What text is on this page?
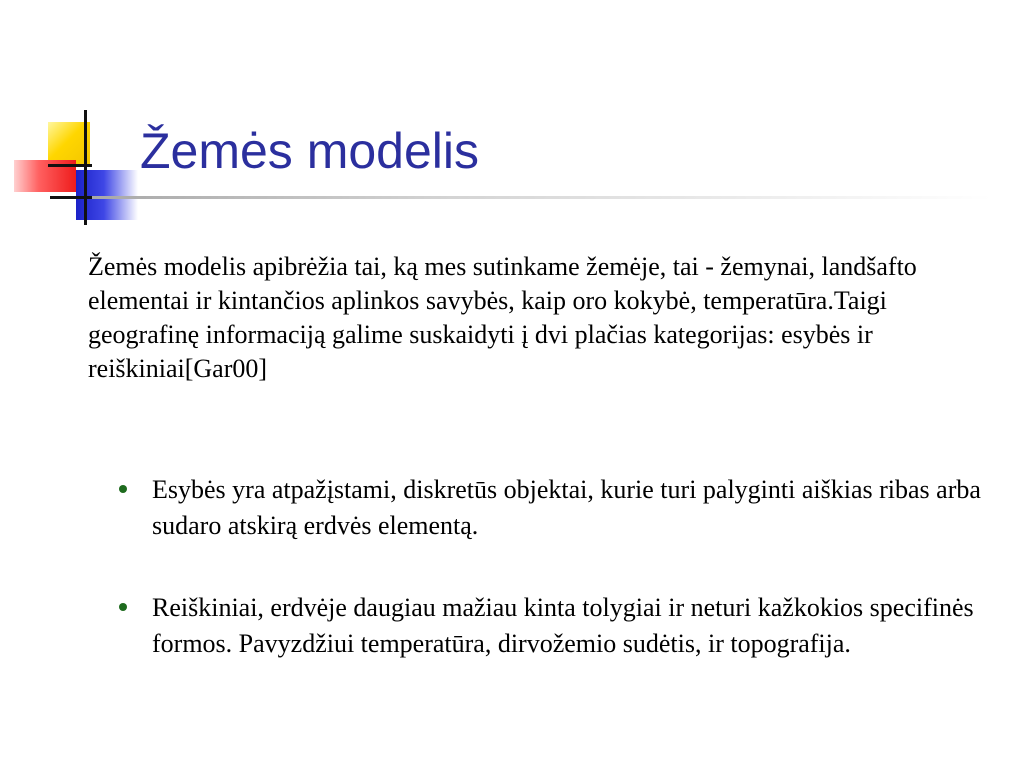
Žemės modelis

Žemės modelis apibrėžia tai, ką mes sutinkame žemėje, tai - žemynai, landšafto elementai ir kintančios aplinkos savybės, kaip oro kokybė, temperatūra.Taigi geografinę informaciją galime suskaidyti į dvi plačias kategorijas: esybės ir reiškiniai[Gar00]

Esybės yra atpažįstami, diskretūs objektai, kurie turi palyginti aiškias ribas arba sudaro atskirą erdvės elementą.
Reiškiniai, erdvėje daugiau mažiau kinta tolygiai ir neturi kažkokios specifinės formos. Pavyzdžiui temperatūra, dirvožemio sudėtis, ir topografija.
